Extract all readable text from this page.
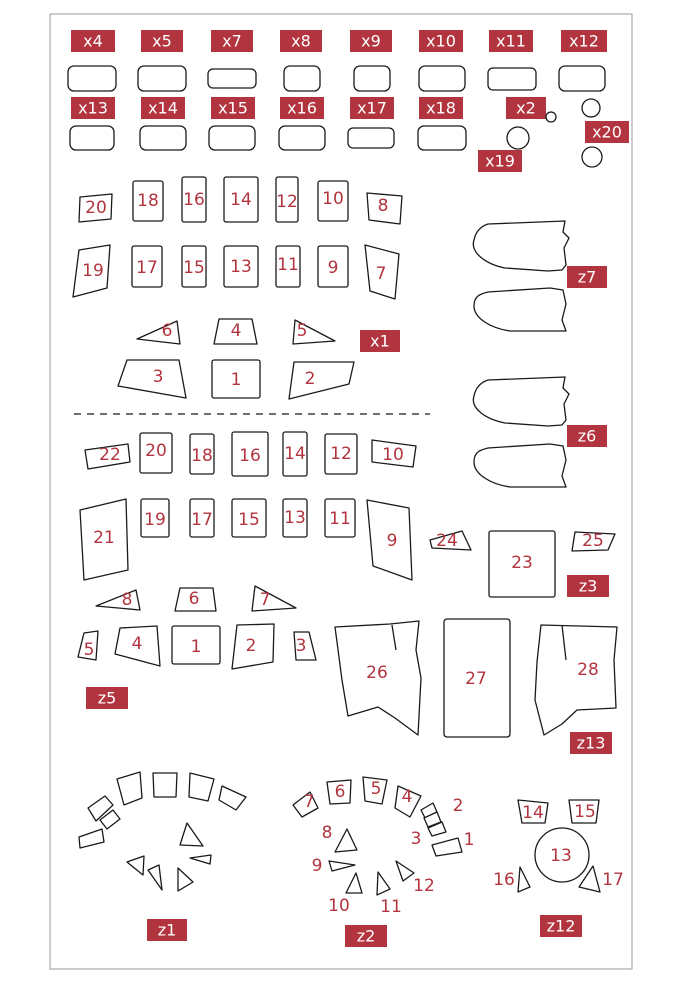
x4	x5	x7	x8	x9	x10	x11	x12
x13	x14	x15 x16	x17 x18	x2
x19
x20
20 18 16 14 12 10 8
19 17 15 13 11 9 7
6	4	5
3	1	2
x1
z7
z6
22 20 18 16 14 12 10
21
19 17 15 13 11
9 24
23
25
8	6	7
5 4	1	2 3
26	27	28
z3
z5
z13
z1
7 6 5 4 2
3 1
8
9
10 11
12
z2
14 15
13
16	17
z12
